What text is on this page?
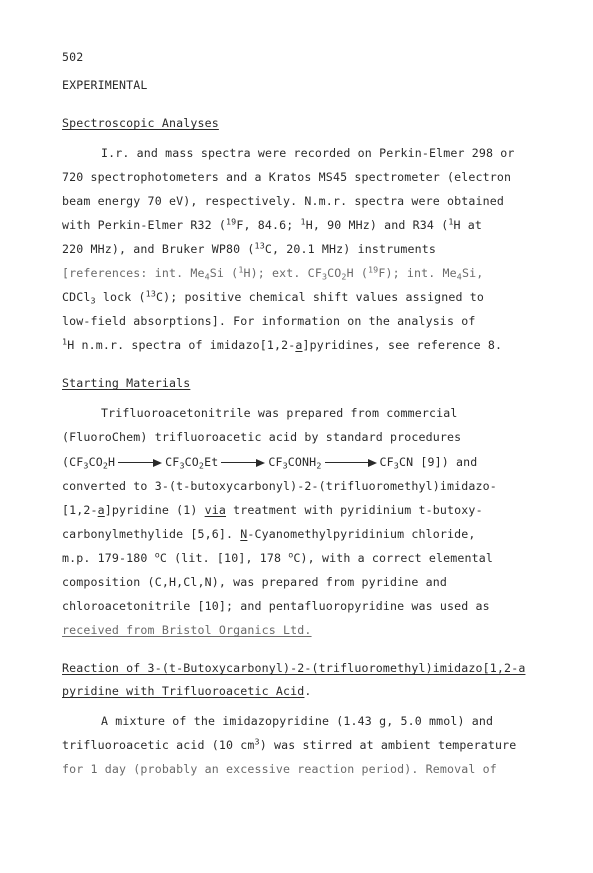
502
EXPERIMENTAL
Spectroscopic Analyses
I.r. and mass spectra were recorded on Perkin-Elmer 298 or
720 spectrophotometers and a Kratos MS45 spectrometer (electron
beam energy 70 eV), respectively. N.m.r. spectra were obtained
with Perkin-Elmer R32 ($^{19}$F, 84.6; $^1$H, 90 MHz) and R34 ($^1$H at
220 MHz), and Bruker WP80 ($^{13}$C, 20.1 MHz) instruments
[references: int. $Me_4Si$ ($^1$H); ext. $CF_3CO_2H$ ($^{19}$F); int. $Me_4Si$,
CDCl$_3$ lock ($^{13}$C); positive chemical shift values assigned to
low-field absorptions]. For information on the analysis of
$^1$H n.m.r. spectra of imidazo[1,2-a]pyridines, see reference 8.
Starting Materials
Trifluoroacetonitrile was prepared from commercial
(FluoroChem) trifluoroacetic acid by standard procedures
($CF_3CO_2H$	$CF_3CO_2Et$	$CF_3CONH_2$	$CF_3CN$ [9]) and
converted to 3-(t-butoxycarbonyl)-2-(trifluoromethyl)imidazo-
[1,2-a]pyridine (1) via treatment with pyridinium t-butoxy-
carbonylmethylide [5,6]. N-Cyanomethylpyridinium chloride,
m.p. 179-180 $^o$C (lit. [10], 178 $^o$C), with a correct elemental
composition (C,H,Cl,N), was prepared from pyridine and
chloroacetonitrile [10]; and pentafluoropyridine was used as
received from Bristol Organics Ltd.
Reaction of 3-(t-Butoxycarbonyl)-2-(trifluoromethyl)imidazo[1,2-a
pyridine with Trifluoroacetic Acid.
A mixture of the imidazopyridine (1.43 g, 5.0 mmol) and
trifluoroacetic acid (10 $cm^3$) was stirred at ambient temperature
for 1 day (probably an excessive reaction period). Removal of
